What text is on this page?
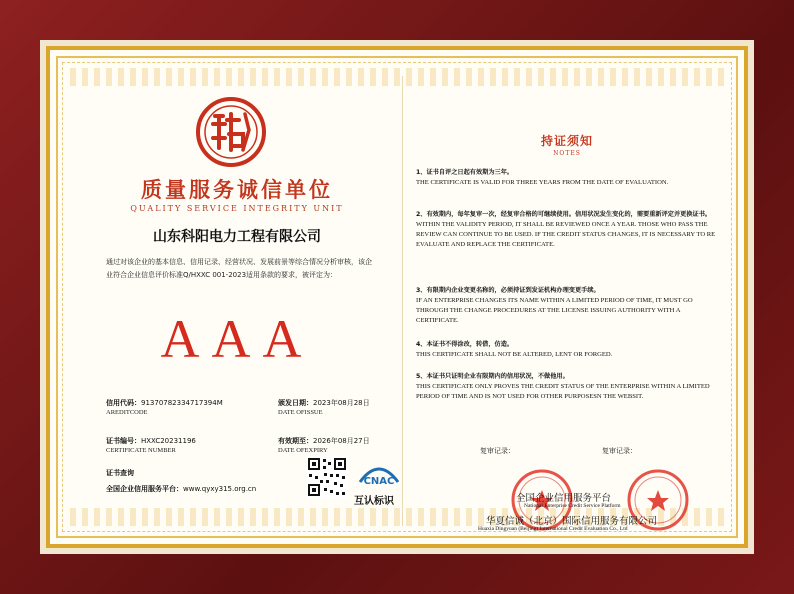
质量服务诚信单位
QUALITY SERVICE INTEGRITY UNIT
山东科阳电力工程有限公司
通过对该企业的基本信息、信用记录、经营状况、发展前景等综合情况分析审核，该企业符合企业信息评价标准Q/HXXC 001-2023适用条款的要求，被评定为：
AAA
信用代码：91370782334717394M
AREDITCODE
颁发日期：2023年08月28日
DATE OFISSUE
证书编号：HXXC20231196
CERTIFICATE NUMBER
有效期至：2026年08月27日
DATE OFEXPIRY
证书查询
全国企业信用服务平台：www.qyxy315.org.cn
CNAC
互认标识
持证须知
NOTES
1、证书自评之日起有效期为三年。
THE CERTIFICATE IS VALID FOR THREE YEARS FROM THE DATE OF EVALUATION.
2、有效期内，每年复审一次，经复审合格的可继续使用。信用状况发生变化的，需要重新评定并更换证书。
WITHIN THE VALIDITY PERIOD, IT SHALL BE REVIEWED ONCE A YEAR. THOSE WHO PASS THE REVIEW CAN CONTINUE TO BE USED. IF THE CREDIT STATUS CHANGES, IT IS NECESSARY TO RE EVALUATE AND REPLACE THE CERTIFICATE.
3、有限期内企业变更名称的，必须持证到发证机构办理变更手续。
IF AN ENTERPRISE CHANGES ITS NAME WITHIN A LIMITED PERIOD OF TIME, IT MUST GO THROUGH THE CHANGE PROCEDURES AT THE LICENSE ISSUING AUTHORITY WITH A CERTIFICATE.
4、本证书不得涂改，转借，仿造。
THIS CERTIFICATE SHALL NOT BE ALTERED, LENT OR FORGED.
5、本证书只证明企业有限期内的信用状况，不做他用。
THIS CERTIFICATE ONLY PROVES THE CREDIT STATUS OF THE ENTERPRISE WITHIN A LIMITED PERIOD OF TIME AND IS NOT USED FOR OTHER PURPOSESN THE WEBSIT.
复审记录：	复审记录：
全国企业信用服务平台
National Enterprise Credit Service Platform
华夏信诚（北京）国际信用服务有限公司
Huaxia Dingyuan (Beijing) International Credit Evaluation Co., Ltd
